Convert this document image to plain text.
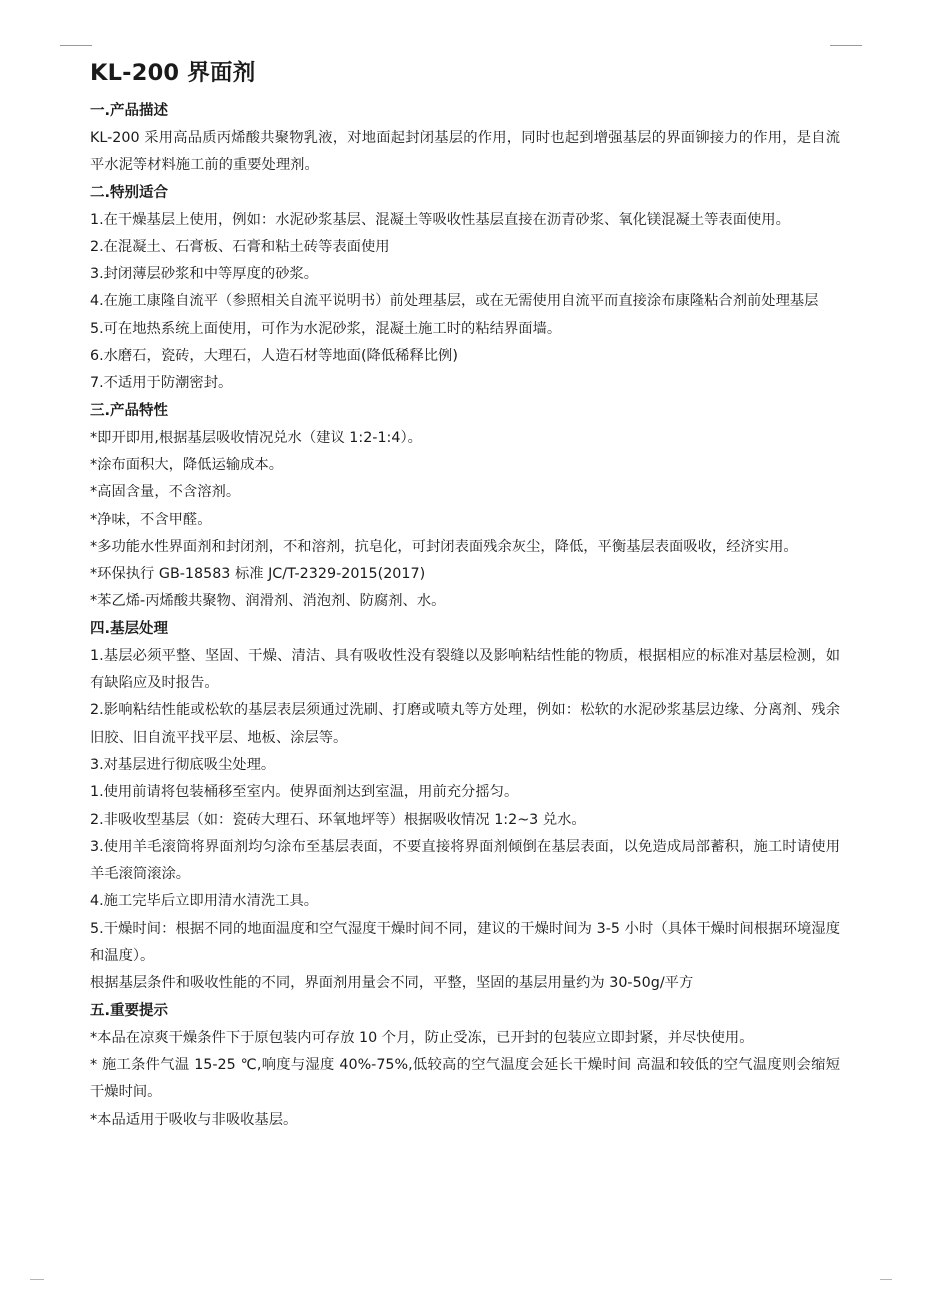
KL-200 界面剂

一.产品描述

KL-200 采用高品质丙烯酸共聚物乳液，对地面起封闭基层的作用，同时也起到增强基层的界面铆接力的作用，是自流平水泥等材料施工前的重要处理剂。

二.特别适合

1.在干燥基层上使用，例如：水泥砂浆基层、混凝土等吸收性基层直接在沥青砂浆、氧化镁混凝土等表面使用。

2.在混凝土、石膏板、石膏和粘土砖等表面使用

3.封闭薄层砂浆和中等厚度的砂浆。

4.在施工康隆自流平（参照相关自流平说明书）前处理基层，或在无需使用自流平而直接涂布康隆粘合剂前处理基层

5.可在地热系统上面使用，可作为水泥砂浆，混凝土施工时的粘结界面墙。

6.水磨石，瓷砖，大理石，人造石材等地面(降低稀释比例)

7.不适用于防潮密封。

三.产品特性

*即开即用,根据基层吸收情况兑水（建议 1:2-1:4）。

*涂布面积大，降低运输成本。

*高固含量，不含溶剂。

*净味，不含甲醛。

*多功能水性界面剂和封闭剂，不和溶剂，抗皂化，可封闭表面残余灰尘，降低，平衡基层表面吸收，经济实用。

*环保执行 GB-18583 标准 JC/T-2329-2015(2017)

*苯乙烯-丙烯酸共聚物、润滑剂、消泡剂、防腐剂、水。

四.基层处理

1.基层必须平整、坚固、干燥、清洁、具有吸收性没有裂缝以及影响粘结性能的物质，根据相应的标准对基层检测，如有缺陷应及时报告。

2.影响粘结性能或松软的基层表层须通过洗刷、打磨或喷丸等方处理，例如：松软的水泥砂浆基层边缘、分离剂、残余旧胶、旧自流平找平层、地板、涂层等。

3.对基层进行彻底吸尘处理。

1.使用前请将包装桶移至室内。使界面剂达到室温，用前充分摇匀。

2.非吸收型基层（如：瓷砖大理石、环氧地坪等）根据吸收情况 1:2~3 兑水。

3.使用羊毛滚筒将界面剂均匀涂布至基层表面，不要直接将界面剂倾倒在基层表面，以免造成局部蓄积，施工时请使用羊毛滚筒滚涂。

4.施工完毕后立即用清水清洗工具。

5.干燥时间：根据不同的地面温度和空气湿度干燥时间不同，建议的干燥时间为 3-5 小时（具体干燥时间根据环境湿度和温度）。

根据基层条件和吸收性能的不同，界面剂用量会不同，平整，坚固的基层用量约为 30-50g/平方

五.重要提示

*本品在凉爽干燥条件下于原包装内可存放 10 个月，防止受冻，已开封的包装应立即封紧，并尽快使用。

* 施工条件气温 15-25 ℃,响度与湿度 40%-75%,低较高的空气温度会延长干燥时间 高温和较低的空气温度则会缩短干燥时间。

*本品适用于吸收与非吸收基层。
